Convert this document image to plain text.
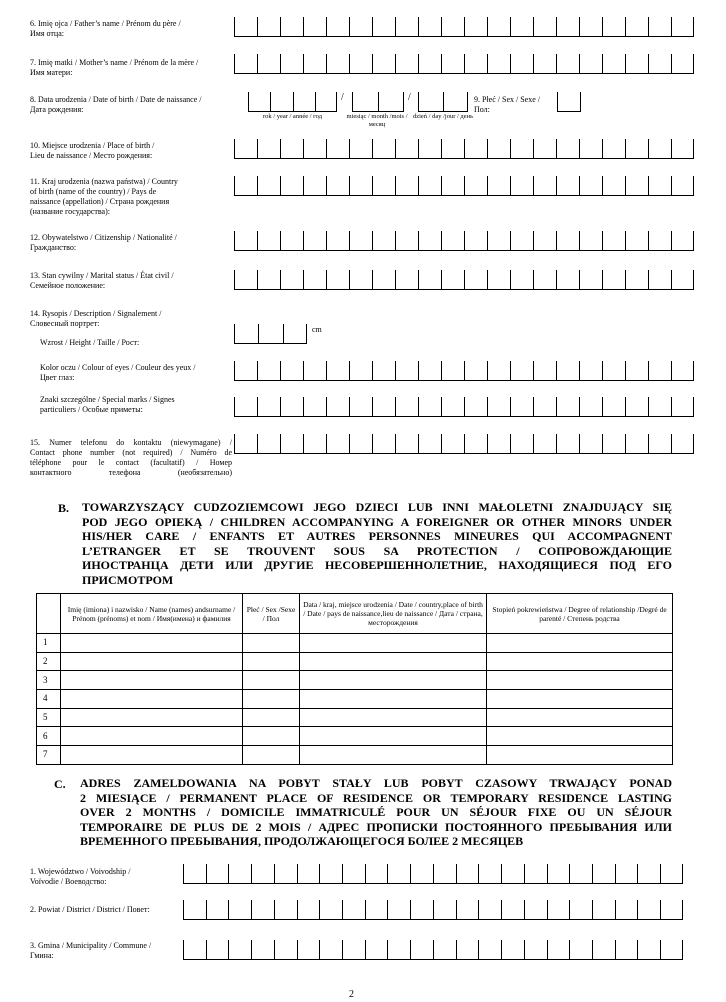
6. Imię ojca / Father’s name / Prénom du père /
Имя отца:
7. Imię matki / Mother’s name / Prénom de la mère /
Имя матери:
8. Data urodzenia / Date of birth / Date de naissance /
Дата рождения:
9. Płeć / Sex / Sexe /
Пол:
10. Miejsce urodzenia / Place of birth /
Lieu de naissance / Место рождения:
11. Kraj urodzenia (nazwa państwa) / Country
of birth (name of the country) / Pays de
naissance (appellation) / Страна рождения
(название государства):
12. Obywatelstwo / Citizenship / Nationalité /
Гражданство:
13. Stan cywilny / Marital status / État civil /
Семейное положение:
14. Rysopis / Description / Signalement /
Словесный портрет:
Wzrost / Height / Taille / Рост:
Kolor oczu / Colour of eyes / Couleur des yeux /
Цвет глаз:
Znaki szczególne / Special marks / Signes
particuliers / Особые приметы:
15. Numer telefonu do kontaktu (niewymagane) /
Contact phone number (not required) / Numéro de
téléphone pour le contact (facultatif) / Номер
контактного телефона (необязательно)
/	/
rok / year / année / год	miesiąc / month /mois / месяц
dzień / day /jour / день
cm
B. TOWARZYSZĄCY CUDZOZIEMCOWI JEGO DZIECI LUB INNI MAŁOLETNI ZNAJDUJĄCY SIĘ
POD JEGO OPIEKĄ / CHILDREN ACCOMPANYING A FOREIGNER OR OTHER MINORS UNDER
HIS/HER CARE / ENFANTS ET AUTRES PERSONNES MINEURES QUI ACCOMPAGNENT
L’ETRANGER ET SE TROUVENT SOUS SA PROTECTION / СОПРОВОЖДАЮЩИЕ
ИНОСТРАНЦА ДЕТИ ИЛИ ДРУГИЕ НЕСОВЕРШЕННОЛЕТНИЕ, НАХОДЯЩИЕСЯ ПОД ЕГО
ПРИСМОТРОМ
	Imię (imiona) i nazwisko / Name (names) andsurname / Prénom (prénoms) et nom / Имя(имена) и фамилия	Płeć / Sex /Sexe / Пол	Data / kraj, miejsce urodzenia / Date / country,place of birth / Date / pays de naissance,lieu de naissance / Дата / страна, месторождения	Stopień pokrewieństwa / Degree of relationship /Degré de parenté / Степень родства
1				
2				
3				
4				
5				
6				
7				
C. ADRES ZAMELDOWANIA NA POBYT STAŁY LUB POBYT CZASOWY TRWAJĄCY PONAD
2 MIESIĄCE / PERMANENT PLACE OF RESIDENCE OR TEMPORARY RESIDENCE LASTING
OVER 2 MONTHS / DOMICILE IMMATRICULÉ POUR UN SÉJOUR FIXE OU UN SÉJOUR
TEMPORAIRE DE PLUS DE 2 MOIS / АДРЕС ПРОПИСКИ ПОСТОЯННОГО ПРЕБЫВАНИЯ ИЛИ
ВРЕМЕННОГО ПРЕБЫВАНИЯ, ПРОДОЛЖАЮЩЕГОСЯ БОЛЕЕ 2 МЕСЯЦЕВ
1. Województwo / Voivodship /
Voïvodie / Воеводство:
2. Powiat / District / District / Повет:
3. Gmina / Municipality / Commune /
Гмина:
2
